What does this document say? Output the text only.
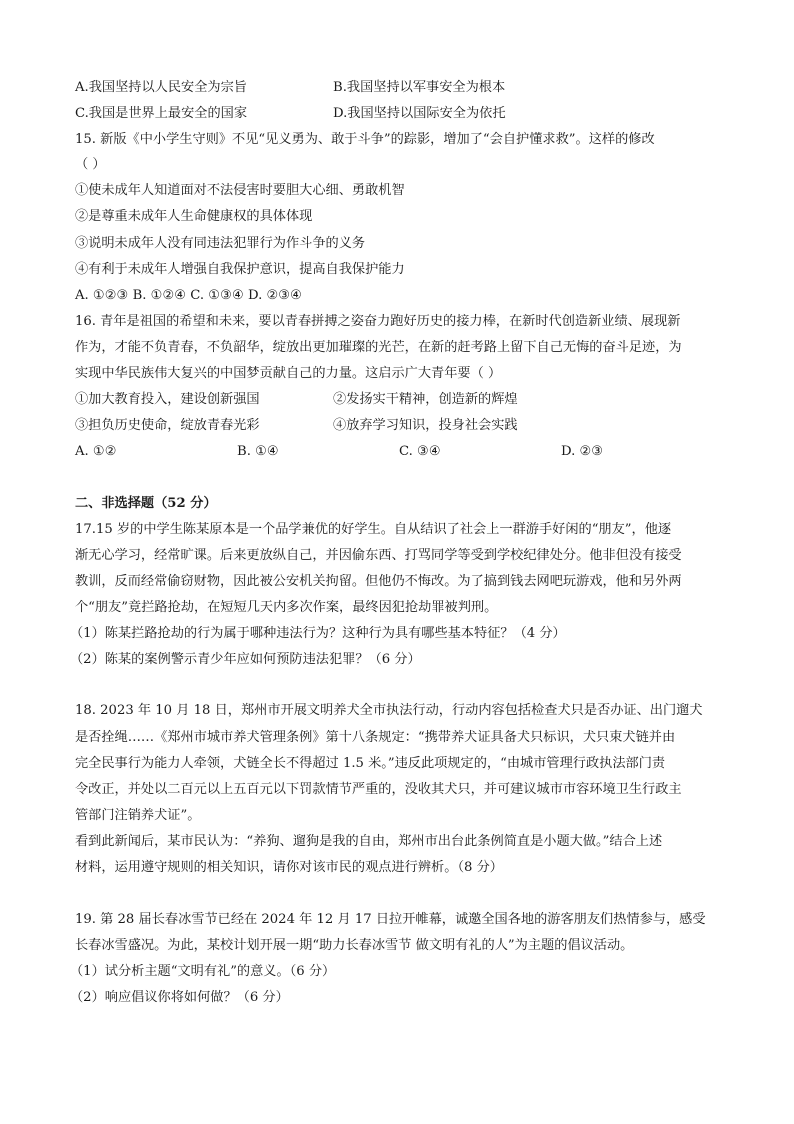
A.我国坚持以人民安全为宗旨	B.我国坚持以军事安全为根本
C.我国是世界上最安全的国家	D.我国坚持以国际安全为依托
15. 新版《中小学生守则》不见“见义勇为、敢于斗争”的踪影，增加了“会自护懂求救”。这样的修改
（ ）
①使未成年人知道面对不法侵害时要胆大心细、勇敢机智
②是尊重未成年人生命健康权的具体体现
③说明未成年人没有同违法犯罪行为作斗争的义务
④有利于未成年人增强自我保护意识，提高自我保护能力
A. ①②③ B. ①②④ C. ①③④ D. ②③④
16. 青年是祖国的希望和未来，要以青春拼搏之姿奋力跑好历史的接力棒，在新时代创造新业绩、展现新
作为，才能不负青春，不负韶华，绽放出更加璀璨的光芒，在新的赶考路上留下自己无悔的奋斗足迹，为
实现中华民族伟大复兴的中国梦贡献自己的力量。这启示广大青年要（ ）
①加大教育投入，建设创新强国	②发扬实干精神，创造新的辉煌
③担负历史使命，绽放青春光彩	④放弃学习知识，投身社会实践
A. ①②	B. ①④	C. ③④	D. ②③
二、非选择题（52 分）
17.15 岁的中学生陈某原本是一个品学兼优的好学生。自从结识了社会上一群游手好闲的“朋友”，他逐
渐无心学习，经常旷课。后来更放纵自己，并因偷东西、打骂同学等受到学校纪律处分。他非但没有接受
教训，反而经常偷窃财物，因此被公安机关拘留。但他仍不悔改。为了搞到钱去网吧玩游戏，他和另外两
个“朋友”竟拦路抢劫，在短短几天内多次作案，最终因犯抢劫罪被判刑。
（1）陈某拦路抢劫的行为属于哪种违法行为？这种行为具有哪些基本特征？（4 分）
（2）陈某的案例警示青少年应如何预防违法犯罪？（6 分）
18. 2023 年 10 月 18 日，郑州市开展文明养犬全市执法行动，行动内容包括检查犬只是否办证、出门遛犬
是否拴绳……《郑州市城市养犬管理条例》第十八条规定：“携带养犬证具备犬只标识，犬只束犬链并由
完全民事行为能力人牵领，犬链全长不得超过 1.5 米。”违反此项规定的，“由城市管理行政执法部门责
令改正，并处以二百元以上五百元以下罚款情节严重的，没收其犬只，并可建议城市市容环境卫生行政主
管部门注销养犬证”。
看到此新闻后，某市民认为：“养狗、遛狗是我的自由，郑州市出台此条例简直是小题大做。”结合上述
材料，运用遵守规则的相关知识，请你对该市民的观点进行辨析。（8 分）
19. 第 28 届长春冰雪节已经在 2024 年 12 月 17 日拉开帷幕，诚邀全国各地的游客朋友们热情参与，感受
长春冰雪盛况。为此，某校计划开展一期“助力长春冰雪节 做文明有礼的人”为主题的倡议活动。
（1）试分析主题“文明有礼”的意义。（6 分）
（2）响应倡议你将如何做？（6 分）
